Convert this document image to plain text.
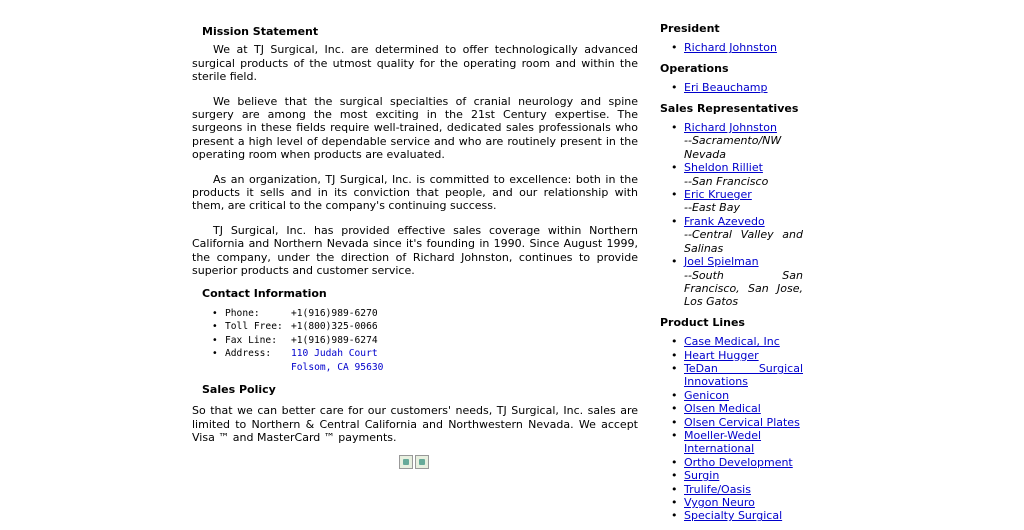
Mission Statement

We at TJ Surgical, Inc. are determined to offer technologically advanced surgical products of the utmost quality for the operating room and within the sterile field.

We believe that the surgical specialties of cranial neurology and spine surgery are among the most exciting in the 21st Century expertise. The surgeons in these fields require well-trained, dedicated sales professionals who present a high level of dependable service and who are routinely present in the operating room when products are evaluated.

As an organization, TJ Surgical, Inc. is committed to excellence: both in the products it sells and in its conviction that people, and our relationship with them, are critical to the company's continuing success.

TJ Surgical, Inc. has provided effective sales coverage within Northern California and Northern Nevada since it's founding in 1990. Since August 1999, the company, under the direction of Richard Johnston, continues to provide superior products and customer service.

Contact Information
• Phone:	+1(916)989-6270
• Toll Free: +1(800)325-0066
• Fax Line: +1(916)989-6274
• Address: 110 Judah Court
Folsom, CA 95630
Sales Policy

So that we can better care for our customers' needs, TJ Surgical, Inc. sales are limited to Northern & Central California and Northwestern Nevada. We accept Visa ™ and MasterCard ™ payments.

President
• Richard Johnston
Operations
• Eri Beauchamp
Sales Representatives
• Richard Johnston
--Sacramento/NW Nevada
• Sheldon Rilliet
--San Francisco
• Eric Krueger
--East Bay
• Frank Azevedo
--Central Valley and Salinas
• Joel Spielman
--South San Francisco, San Jose, Los Gatos
Product Lines
• Case Medical, Inc
• Heart Hugger
• TeDan Surgical Innovations
• Genicon
• Olsen Medical
• Olsen Cervical Plates
• Moeller-Wedel International
• Ortho Development
• Surgin
• Trulife/Oasis
• Vygon Neuro
• Specialty Surgical
